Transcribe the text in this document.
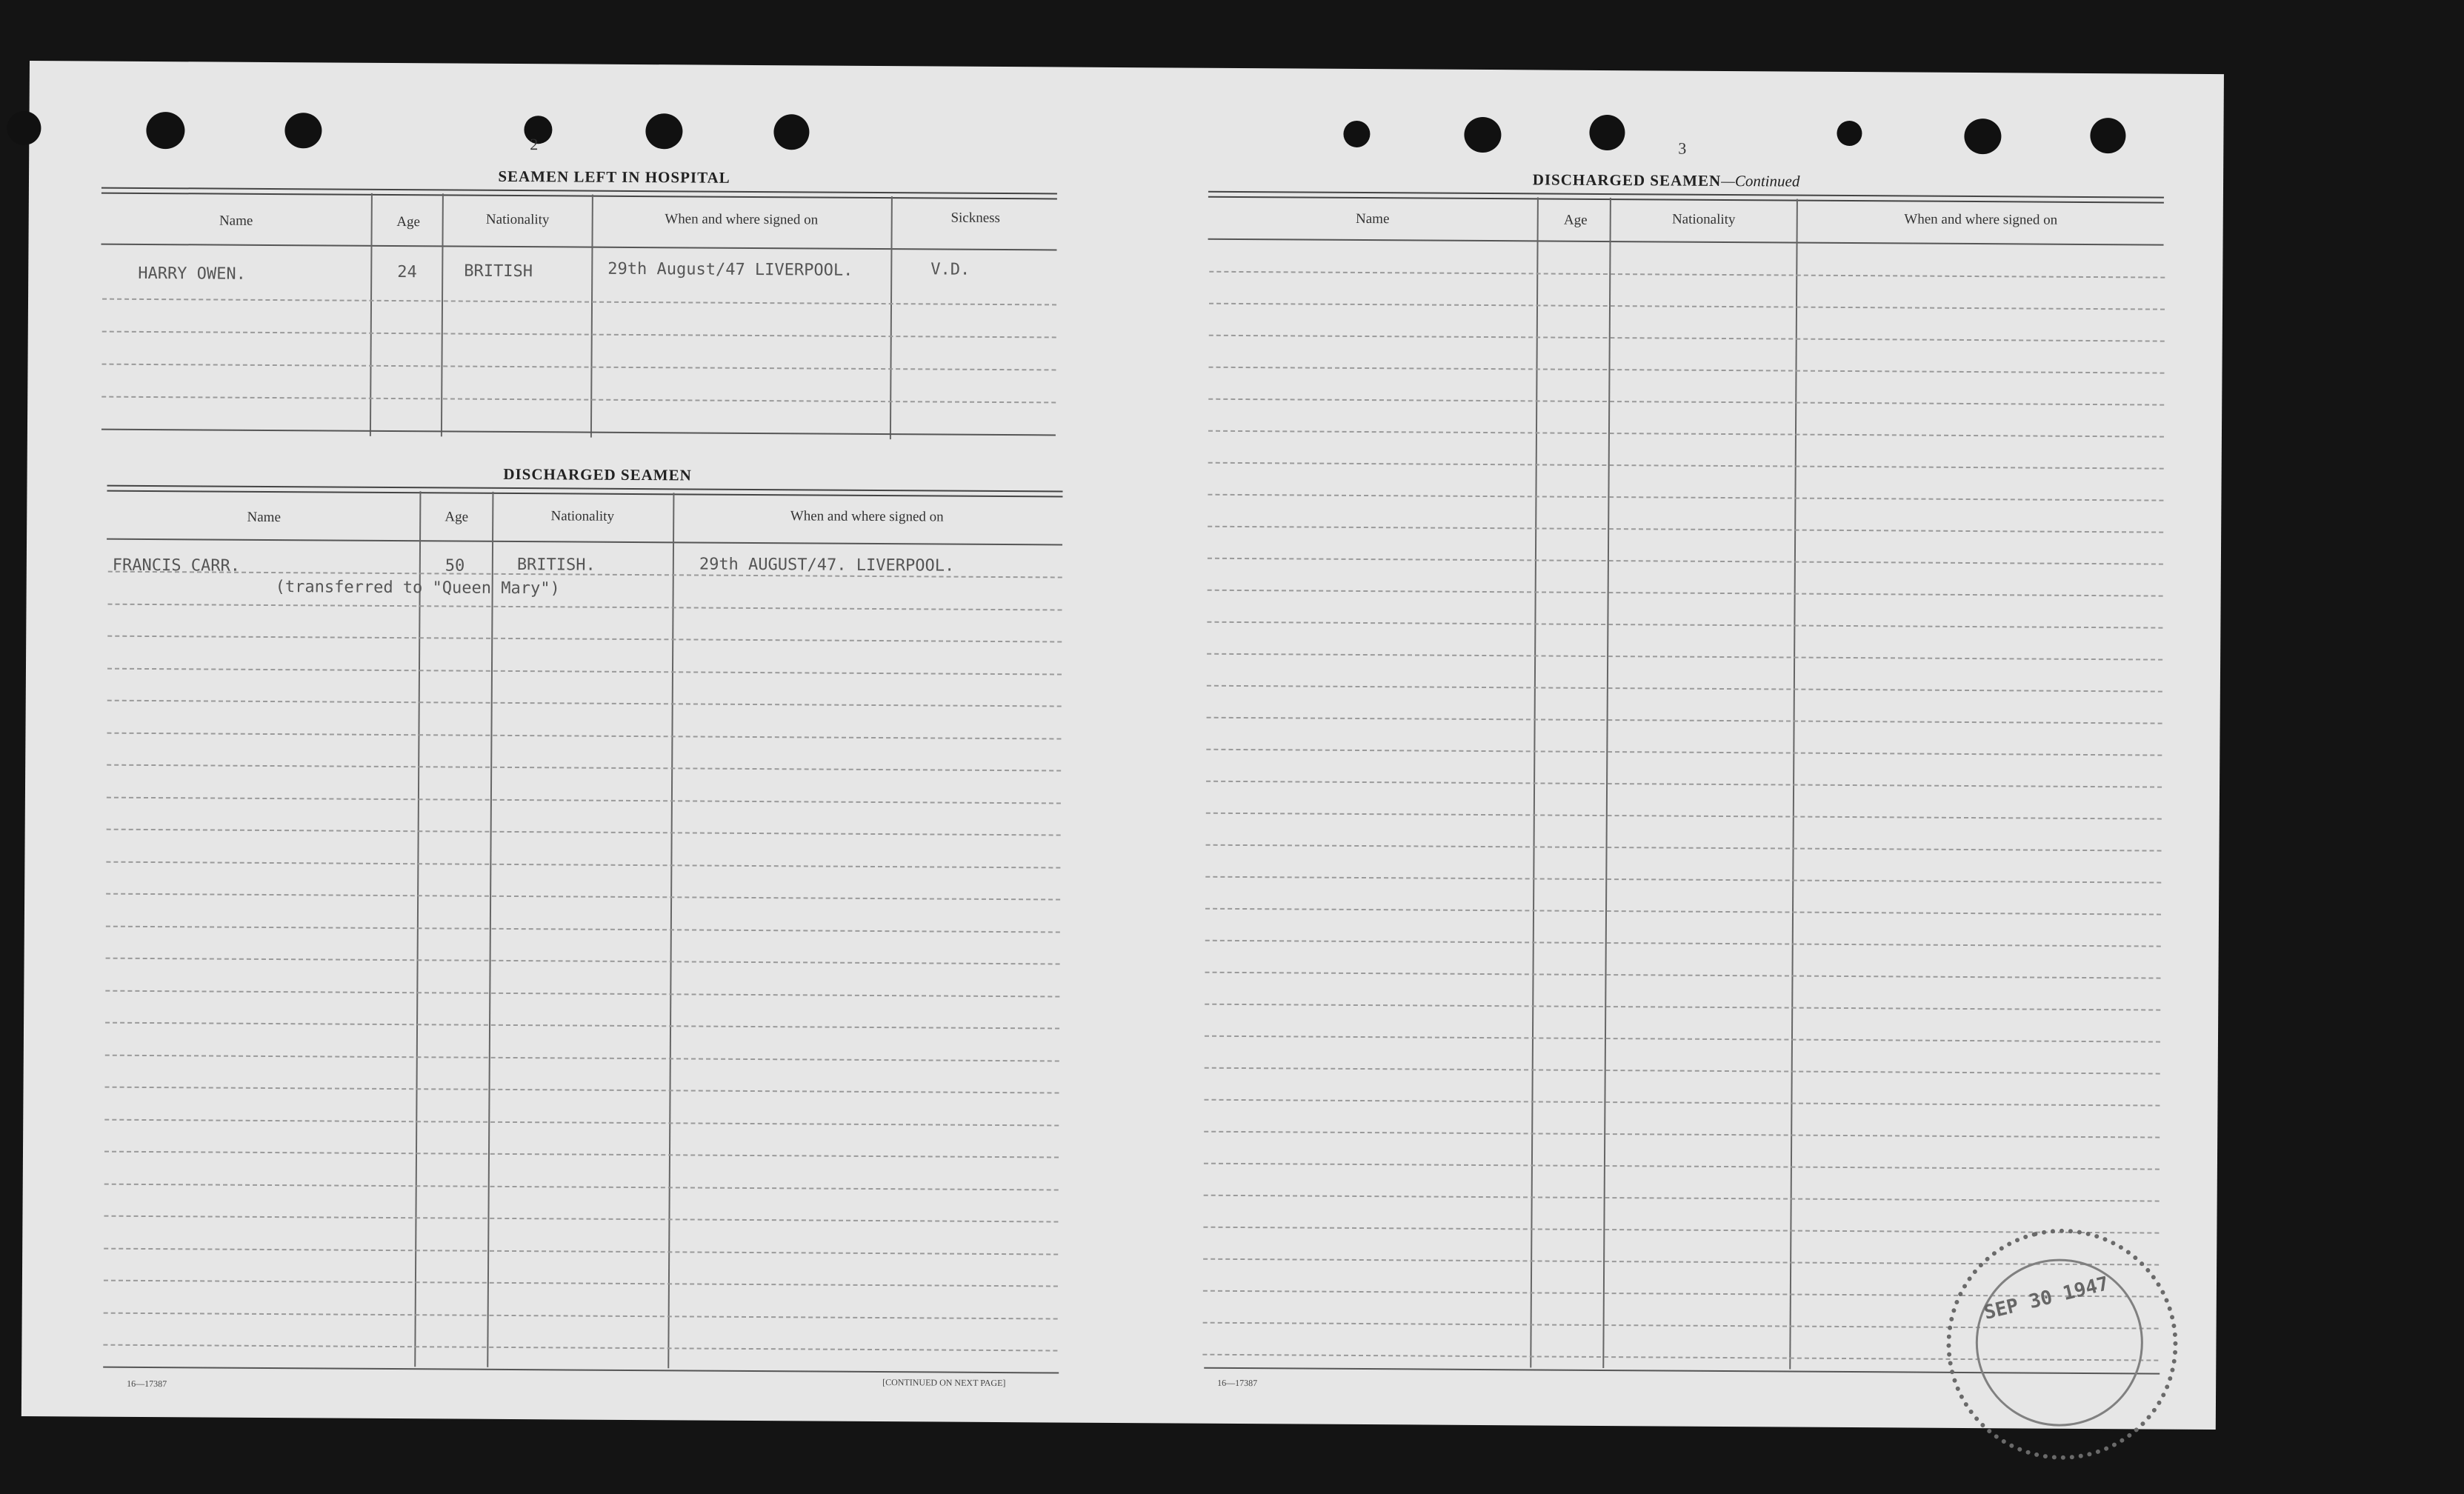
2
SEAMEN LEFT IN HOSPITAL
Name	Age	Nationality	When and where signed on	Sickness
HARRY OWEN.	24	BRITISH	29th August/47 LIVERPOOL.	V.D.
DISCHARGED SEAMEN
Name	Age	Nationality	When and where signed on
FRANCIS CARR.	50	BRITISH.	29th AUGUST/47. LIVERPOOL.
(transferred to "Queen Mary")
16—17387	[CONTINUED ON NEXT PAGE]
3
DISCHARGED SEAMEN—Continued
Name	Age	Nationality	When and where signed on
16—17387
SEP 30 1947
